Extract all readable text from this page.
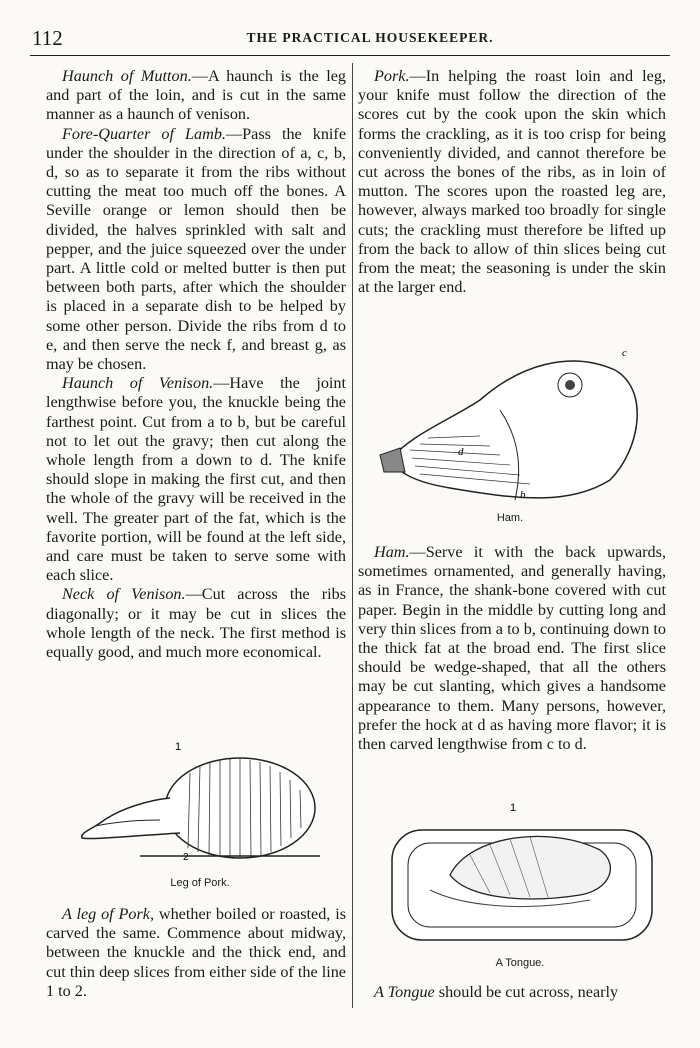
112	THE PRACTICAL HOUSEKEEPER.

Haunch of Mutton.—A haunch is the leg and part of the loin, and is cut in the same manner as a haunch of venison.

Fore-Quarter of Lamb.—Pass the knife under the shoulder in the direction of a, c, b, d, so as to separate it from the ribs without cutting the meat too much off the bones. A Seville orange or lemon should then be divided, the halves sprinkled with salt and pepper, and the juice squeezed over the under part. A little cold or melted butter is then put between both parts, after which the shoulder is placed in a separate dish to be helped by some other person. Divide the ribs from d to e, and then serve the neck f, and breast g, as may be chosen.

Haunch of Venison.—Have the joint lengthwise before you, the knuckle being the farthest point. Cut from a to b, but be careful not to let out the gravy; then cut along the whole length from a down to d. The knife should slope in making the first cut, and then the whole of the gravy will be received in the well. The greater part of the fat, which is the favorite portion, will be found at the left side, and care must be taken to serve some with each slice.

Neck of Venison.—Cut across the ribs diagonally; or it may be cut in slices the whole length of the neck. The first method is equally good, and much more economical.

1
2
Leg of Pork.

A leg of Pork, whether boiled or roasted, is carved the same. Commence about midway, between the knuckle and the thick end, and cut thin deep slices from either side of the line 1 to 2.

Pork.—In helping the roast loin and leg, your knife must follow the direction of the scores cut by the cook upon the skin which forms the crackling, as it is too crisp for being conveniently divided, and cannot therefore be cut across the bones of the ribs, as in loin of mutton. The scores upon the roasted leg are, however, always marked too broadly for single cuts; the crackling must therefore be lifted up from the back to allow of thin slices being cut from the meat; the seasoning is under the skin at the larger end.

c
d
b
Ham.

Ham.—Serve it with the back upwards, sometimes ornamented, and generally having, as in France, the shank-bone covered with cut paper. Begin in the middle by cutting long and very thin slices from a to b, continuing down to the thick fat at the broad end. The first slice should be wedge-shaped, that all the others may be cut slanting, which gives a handsome appearance to them. Many persons, however, prefer the hock at d as having more flavor; it is then carved lengthwise from c to d.

1
A Tongue.

A Tongue should be cut across, nearly
